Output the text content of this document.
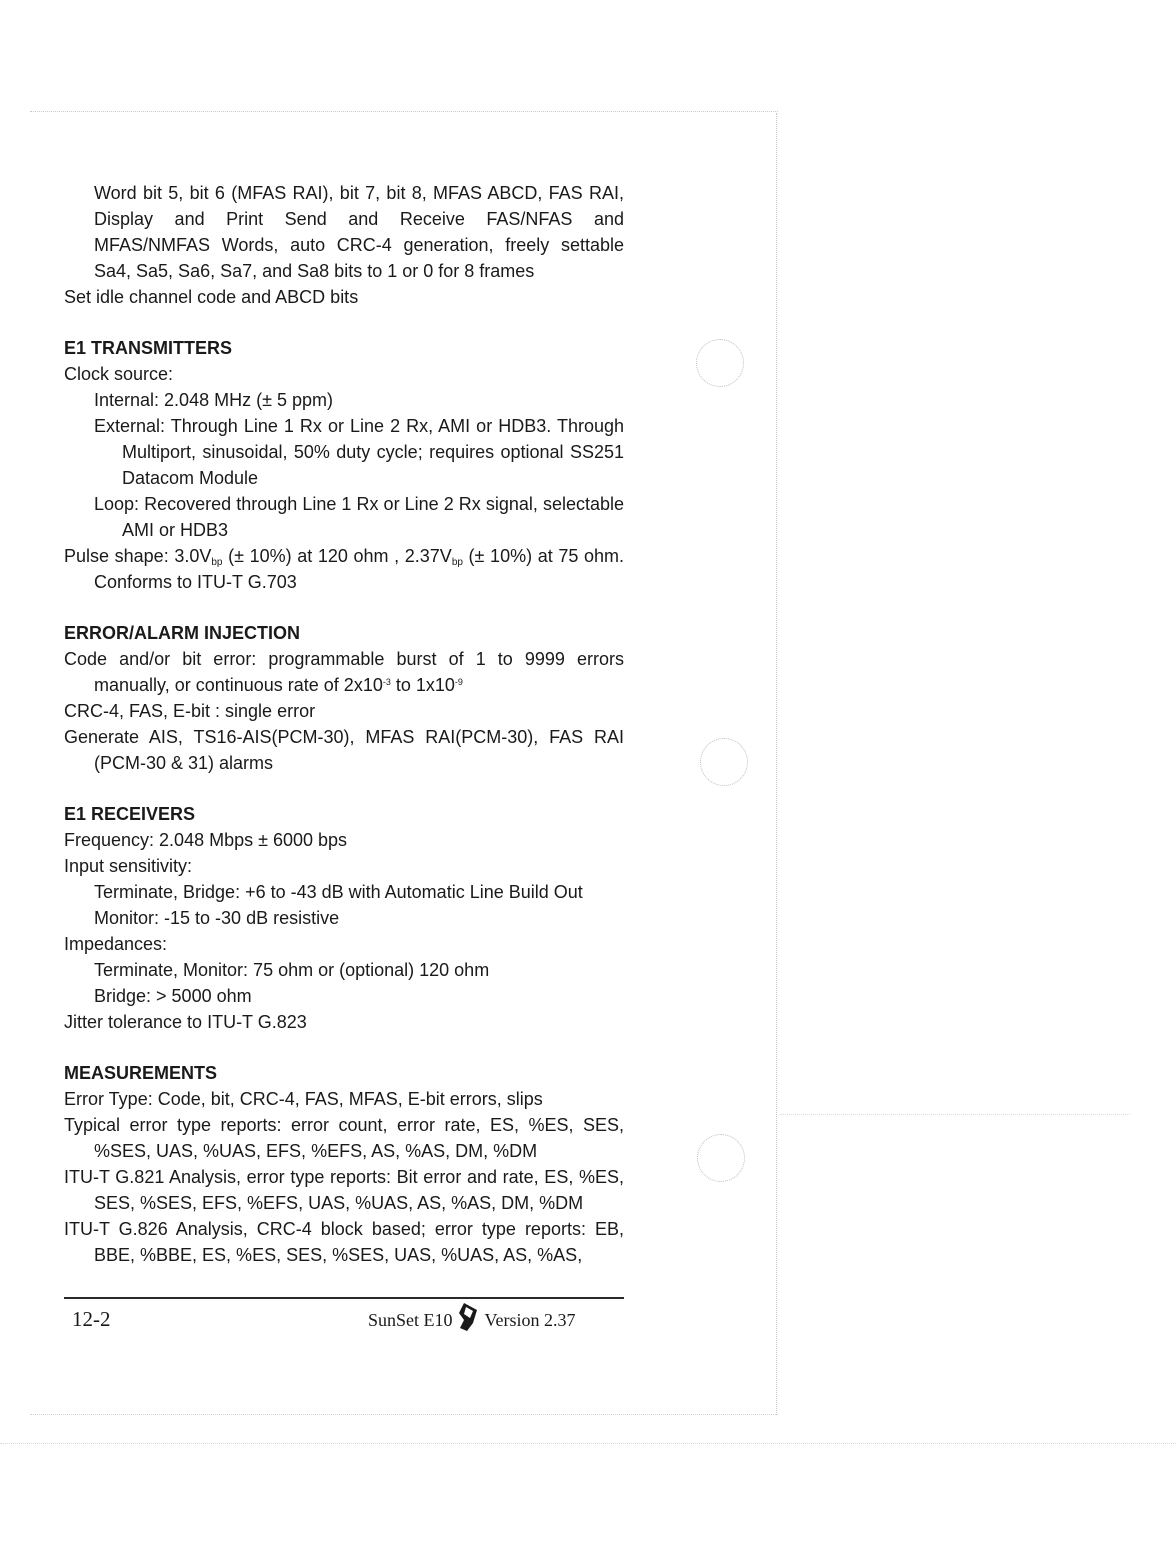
Word bit 5, bit 6 (MFAS RAI), bit 7, bit 8, MFAS ABCD, FAS RAI, Display and Print Send and Receive FAS/NFAS and MFAS/NMFAS Words, auto CRC-4 generation, freely settable Sa4, Sa5, Sa6, Sa7, and Sa8 bits to 1 or 0 for 8 frames

Set idle channel code and ABCD bits

E1 TRANSMITTERS

Clock source:

Internal: 2.048 MHz (± 5 ppm)

External: Through Line 1 Rx or Line 2 Rx, AMI or HDB3. Through Multiport, sinusoidal, 50% duty cycle; requires optional SS251 Datacom Module

Loop: Recovered through Line 1 Rx or Line 2 Rx signal, selectable AMI or HDB3

Pulse shape: $3.0V_{bp}$ (± 10%) at 120 ohm , $2.37V_{bp}$ (± 10%) at 75 ohm. Conforms to ITU-T G.703

ERROR/ALARM INJECTION

Code and/or bit error: programmable burst of 1 to 9999 errors manually, or continuous rate of $2x10^{-3}$ to $1x10^{-9}$

CRC-4, FAS, E-bit : single error

Generate AIS, TS16-AIS(PCM-30), MFAS RAI(PCM-30), FAS RAI (PCM-30 & 31) alarms

E1 RECEIVERS

Frequency: 2.048 Mbps ± 6000 bps

Input sensitivity:

Terminate, Bridge: +6 to -43 dB with Automatic Line Build Out

Monitor: -15 to -30 dB resistive

Impedances:

Terminate, Monitor: 75 ohm or (optional) 120 ohm

Bridge: > 5000 ohm

Jitter tolerance to ITU-T G.823

MEASUREMENTS

Error Type: Code, bit, CRC-4, FAS, MFAS, E-bit errors, slips

Typical error type reports: error count, error rate, ES, %ES, SES, %SES, UAS, %UAS, EFS, %EFS, AS, %AS, DM, %DM

ITU-T G.821 Analysis, error type reports: Bit error and rate, ES, %ES, SES, %SES, EFS, %EFS, UAS, %UAS, AS, %AS, DM, %DM

ITU-T G.826 Analysis, CRC-4 block based; error type reports: EB, BBE, %BBE, ES, %ES, SES, %SES, UAS, %UAS, AS, %AS,

12-2	SunSet E10 Version 2.37
